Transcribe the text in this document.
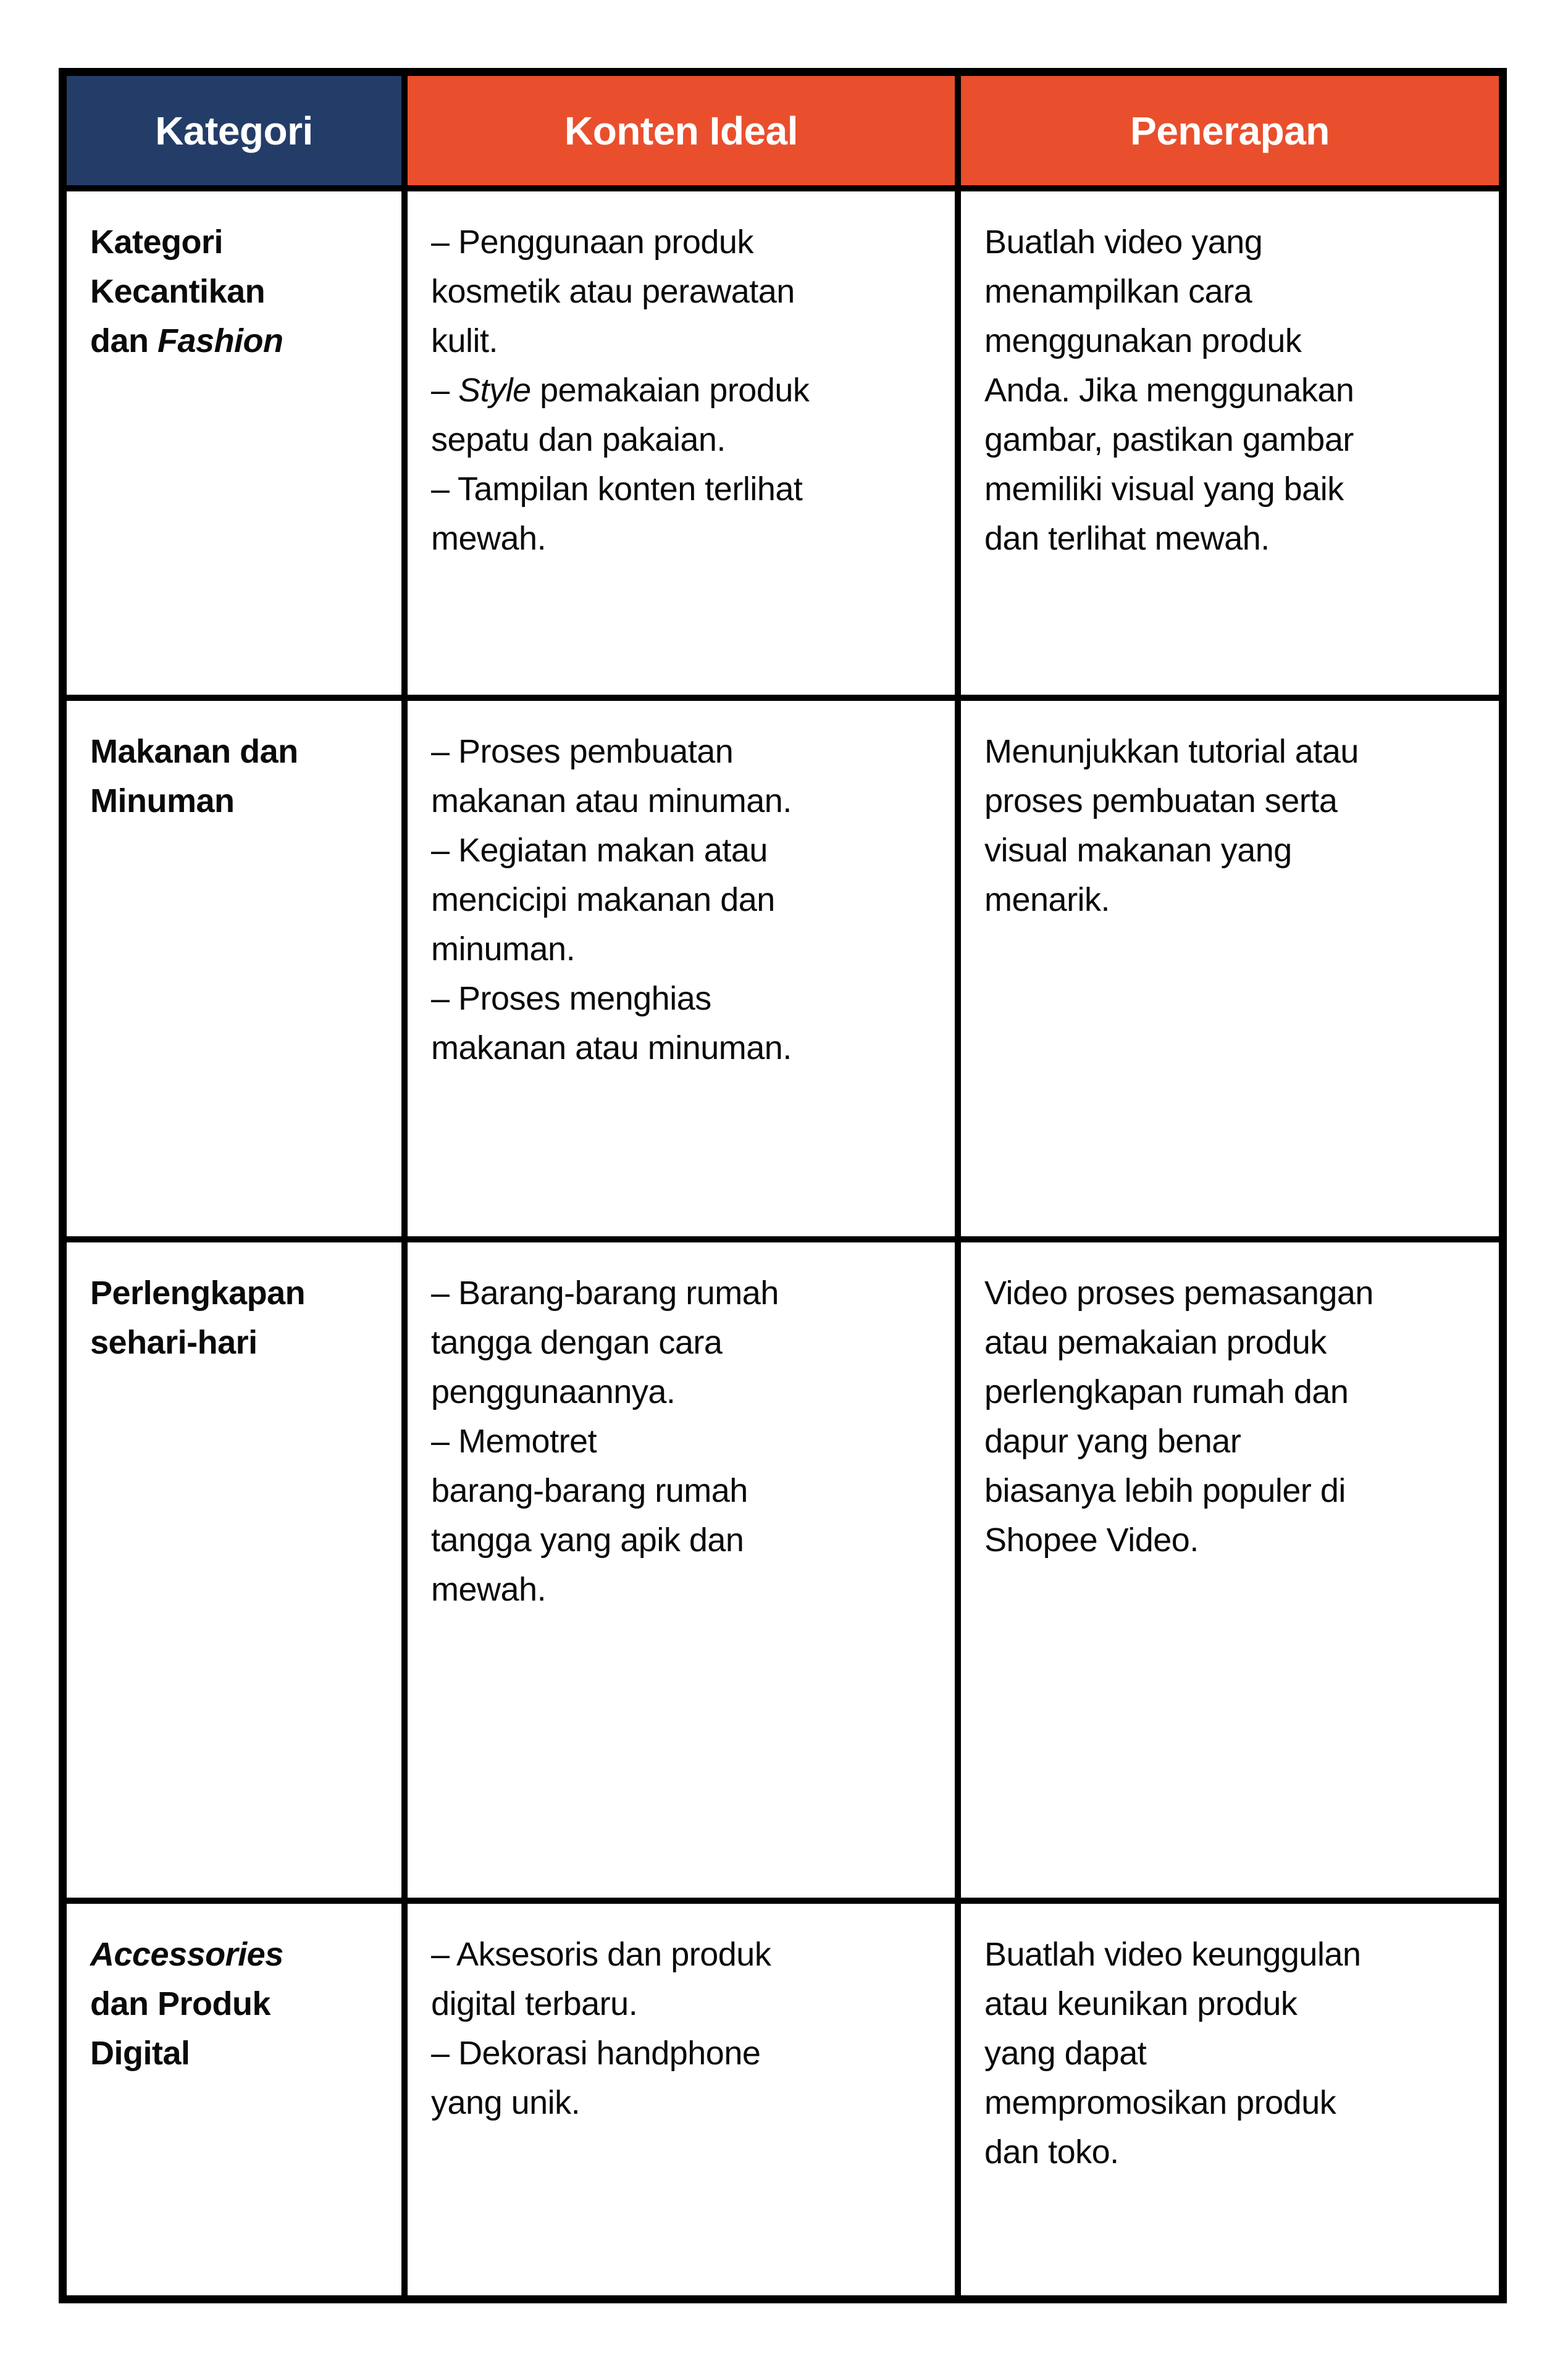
Kategori	Konten Ideal	Penerapan
Kategori
Kecantikan
dan Fashion
– Penggunaan produk
kosmetik atau perawatan
kulit.
– Style pemakaian produk
sepatu dan pakaian.
– Tampilan konten terlihat
mewah.
Buatlah video yang
menampilkan cara
menggunakan produk
Anda. Jika menggunakan
gambar, pastikan gambar
memiliki visual yang baik
dan terlihat mewah.
Makanan dan
Minuman
– Proses pembuatan
makanan atau minuman.
– Kegiatan makan atau
mencicipi makanan dan
minuman.
– Proses menghias
makanan atau minuman.
Menunjukkan tutorial atau
proses pembuatan serta
visual makanan yang
menarik.
Perlengkapan
sehari-hari
– Barang-barang rumah
tangga dengan cara
penggunaannya.
– Memotret
barang-barang rumah
tangga yang apik dan
mewah.
Video proses pemasangan
atau pemakaian produk
perlengkapan rumah dan
dapur yang benar
biasanya lebih populer di
Shopee Video.
Accessories
dan Produk
Digital
– Aksesoris dan produk
digital terbaru.
– Dekorasi handphone
yang unik.
Buatlah video keunggulan
atau keunikan produk
yang dapat
mempromosikan produk
dan toko.
